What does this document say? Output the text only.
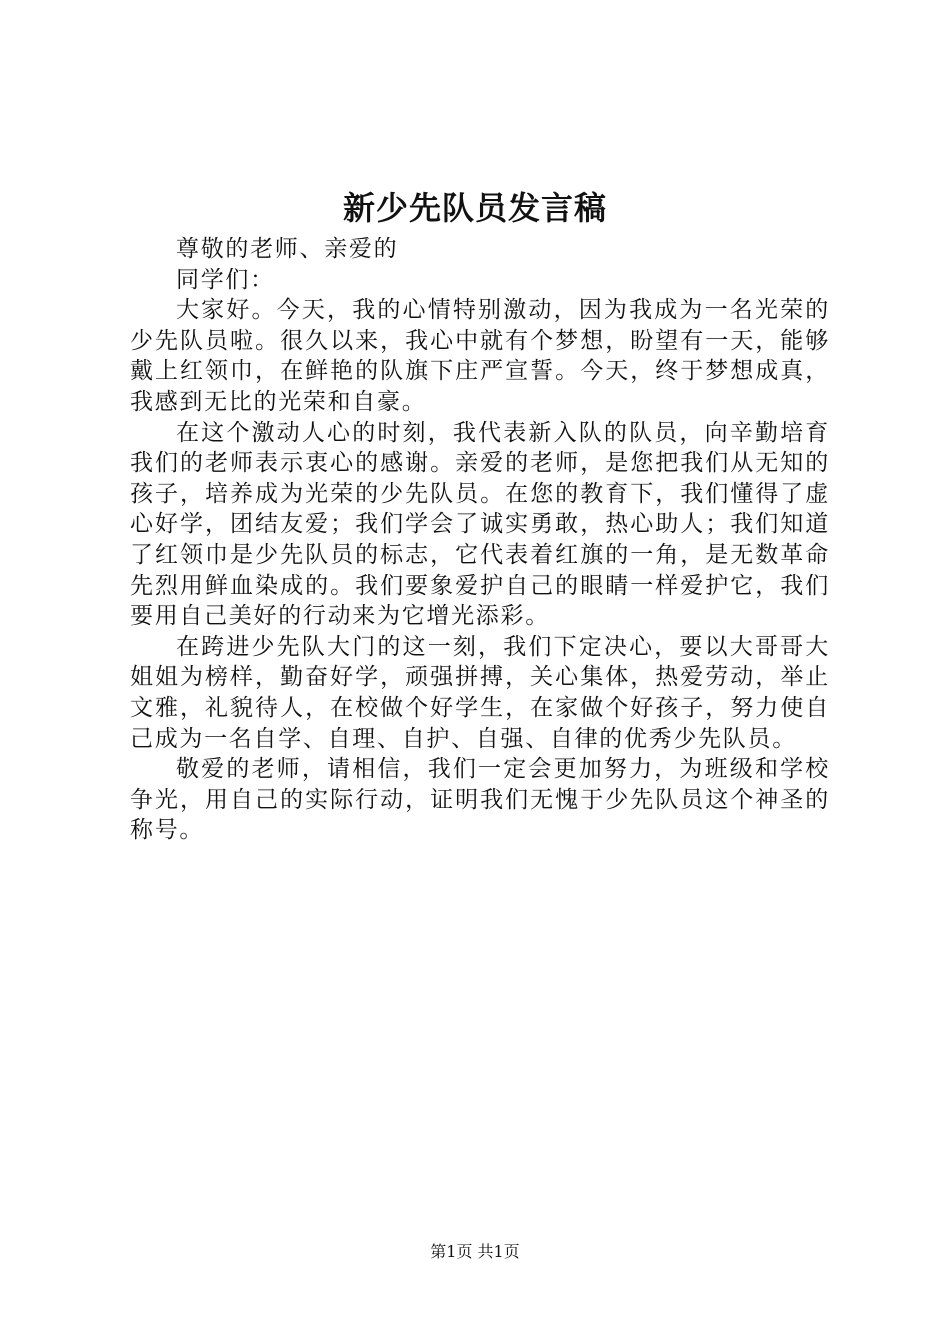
新少先队员发言稿

尊敬的老师、亲爱的

同学们：

大家好。今天，我的心情特别激动，因为我成为一名光荣的少先队员啦。很久以来，我心中就有个梦想，盼望有一天，能够戴上红领巾，在鲜艳的队旗下庄严宣誓。今天，终于梦想成真，我感到无比的光荣和自豪。

在这个激动人心的时刻，我代表新入队的队员，向辛勤培育我们的老师表示衷心的感谢。亲爱的老师，是您把我们从无知的孩子，培养成为光荣的少先队员。在您的教育下，我们懂得了虚心好学，团结友爱；我们学会了诚实勇敢，热心助人；我们知道了红领巾是少先队员的标志，它代表着红旗的一角，是无数革命先烈用鲜血染成的。我们要象爱护自己的眼睛一样爱护它，我们要用自己美好的行动来为它增光添彩。

在跨进少先队大门的这一刻，我们下定决心，要以大哥哥大姐姐为榜样，勤奋好学，顽强拼搏，关心集体，热爱劳动，举止文雅，礼貌待人，在校做个好学生，在家做个好孩子，努力使自己成为一名自学、自理、自护、自强、自律的优秀少先队员。

敬爱的老师，请相信，我们一定会更加努力，为班级和学校争光，用自己的实际行动，证明我们无愧于少先队员这个神圣的称号。

第1页 共1页
